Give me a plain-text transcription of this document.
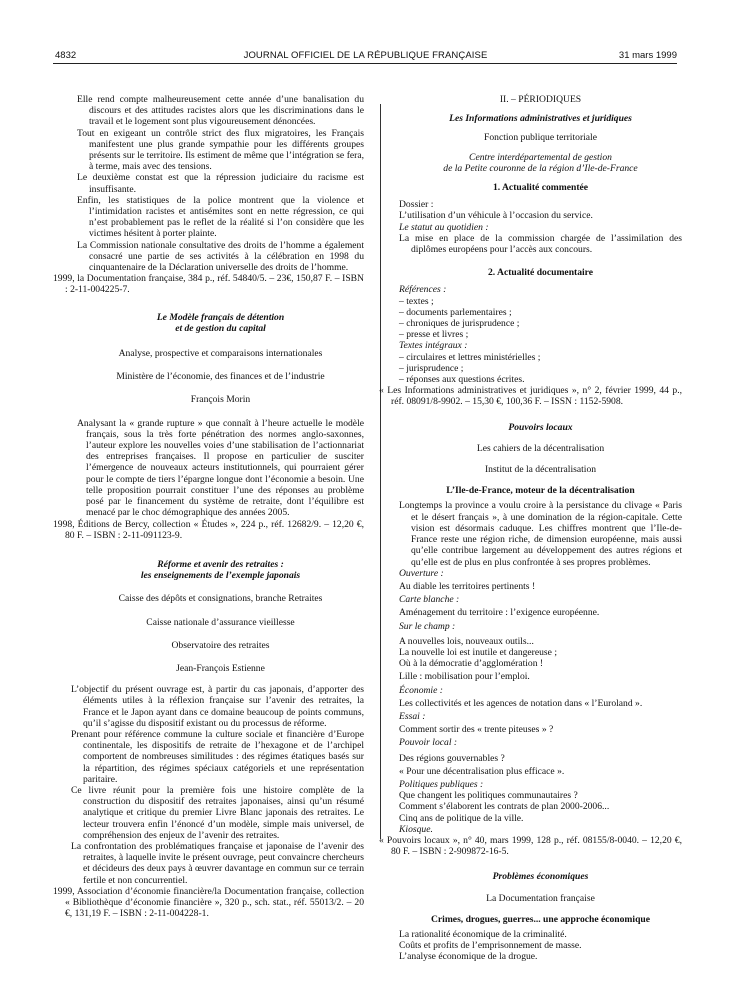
4832	JOURNAL OFFICIEL DE LA RÉPUBLIQUE FRANÇAISE	31 mars 1999

Elle rend compte malheureusement cette année d’une banalisation du discours et des attitudes racistes alors que les discriminations dans le travail et le logement sont plus vigoureusement dénoncées.

Tout en exigeant un contrôle strict des flux migratoires, les Français manifestent une plus grande sympathie pour les différents groupes présents sur le territoire. Ils estiment de même que l’intégration se fera, à terme, mais avec des tensions.

Le deuxième constat est que la répression judiciaire du racisme est insuffisante.

Enfin, les statistiques de la police montrent que la violence et l’intimidation racistes et antisémites sont en nette régression, ce qui n’est probablement pas le reflet de la réalité si l’on considère que les victimes hésitent à porter plainte.

La Commission nationale consultative des droits de l’homme a également consacré une partie de ses activités à la célébration en 1998 du cinquantenaire de la Déclaration universelle des droits de l’homme.

1999, la Documentation française, 384 p., réf. 54840/5. – 23€, 150,87 F. – ISBN : 2-11-004225-7.

Le Modèle français de détention

et de gestion du capital

Analyse, prospective et comparaisons internationales

Ministère de l’économie, des finances et de l’industrie

François Morin

Analysant la « grande rupture » que connaît à l’heure actuelle le modèle français, sous la très forte pénétration des normes anglo-saxonnes, l’auteur explore les nouvelles voies d’une stabilisation de l’actionnariat des entreprises françaises. Il propose en particulier de susciter l’émergence de nouveaux acteurs institutionnels, qui pourraient gérer pour le compte de tiers l’épargne longue dont l’économie a besoin. Une telle proposition pourrait constituer l’une des réponses au problème posé par le financement du système de retraite, dont l’équilibre est menacé par le choc démographique des années 2005.

1998, Éditions de Bercy, collection « Études », 224 p., réf. 12682/9. – 12,20 €, 80 F. – ISBN : 2-11-091123-9.

Réforme et avenir des retraites :

les enseignements de l’exemple japonais

Caisse des dépôts et consignations, branche Retraites

Caisse nationale d’assurance vieillesse

Observatoire des retraites

Jean-François Estienne

L’objectif du présent ouvrage est, à partir du cas japonais, d’apporter des éléments utiles à la réflexion française sur l’avenir des retraites, la France et le Japon ayant dans ce domaine beaucoup de points communs, qu’il s’agisse du dispositif existant ou du processus de réforme.

Prenant pour référence commune la culture sociale et financière d’Europe continentale, les dispositifs de retraite de l’hexagone et de l’archipel comportent de nombreuses similitudes : des régimes étatiques basés sur la répartition, des régimes spéciaux catégoriels et une représentation paritaire.

Ce livre réunit pour la première fois une histoire complète de la construction du dispositif des retraites japonaises, ainsi qu’un résumé analytique et critique du premier Livre Blanc japonais des retraites. Le lecteur trouvera enfin l’énoncé d’un modèle, simple mais universel, de compréhension des enjeux de l’avenir des retraites.

La confrontation des problématiques française et japonaise de l’avenir des retraites, à laquelle invite le présent ouvrage, peut convaincre chercheurs et décideurs des deux pays à œuvrer davantage en commun sur ce terrain fertile et non concurrentiel.

1999, Association d’économie financière/la Documentation française, collection « Bibliothèque d’économie financière », 320 p., sch. stat., réf. 55013/2. – 20 €, 131,19 F. – ISBN : 2-11-004228-1.

II. – PÉRIODIQUES

Les Informations administratives et juridiques

Fonction publique territoriale

Centre interdépartemental de gestion

de la Petite couronne de la région d’Ile-de-France

1. Actualité commentée

Dossier :

L’utilisation d’un véhicule à l’occasion du service.

Le statut au quotidien :

La mise en place de la commission chargée de l’assimilation des diplômes européens pour l’accès aux concours.

2. Actualité documentaire

Références :

– textes ;

– documents parlementaires ;

– chroniques de jurisprudence ;

– presse et livres ;

Textes intégraux :

– circulaires et lettres ministérielles ;

– jurisprudence ;

– réponses aux questions écrites.

« Les Informations administratives et juridiques », n° 2, février 1999, 44 p., réf. 08091/8-9902. – 15,30 €, 100,36 F. – ISSN : 1152-5908.

Pouvoirs locaux

Les cahiers de la décentralisation

Institut de la décentralisation

L’Ile-de-France, moteur de la décentralisation

Longtemps la province a voulu croire à la persistance du clivage « Paris et le désert français », à une domination de la région-capitale. Cette vision est désormais caduque. Les chiffres montrent que l’Ile-de-France reste une région riche, de dimension européenne, mais aussi qu’elle contribue largement au développement des autres régions et qu’elle est de plus en plus confrontée à ses propres problèmes.

Ouverture :

Au diable les territoires pertinents !

Carte blanche :

Aménagement du territoire : l’exigence européenne.

Sur le champ :

A nouvelles lois, nouveaux outils...

La nouvelle loi est inutile et dangereuse ;

Où à la démocratie d’agglomération !

Lille : mobilisation pour l’emploi.

Économie :

Les collectivités et les agences de notation dans « l’Euroland ».

Essai :

Comment sortir des « trente piteuses » ?

Pouvoir local :

Des régions gouvernables ?

« Pour une décentralisation plus efficace ».

Politiques publiques :

Que changent les politiques communautaires ?

Comment s’élaborent les contrats de plan 2000-2006...

Cinq ans de politique de la ville.

Kiosque.

« Pouvoirs locaux », n° 40, mars 1999, 128 p., réf. 08155/8-0040. – 12,20 €, 80 F. – ISBN : 2-909872-16-5.

Problèmes économiques

La Documentation française

Crimes, drogues, guerres... une approche économique

La rationalité économique de la criminalité.

Coûts et profits de l’emprisonnement de masse.

L’analyse économique de la drogue.
